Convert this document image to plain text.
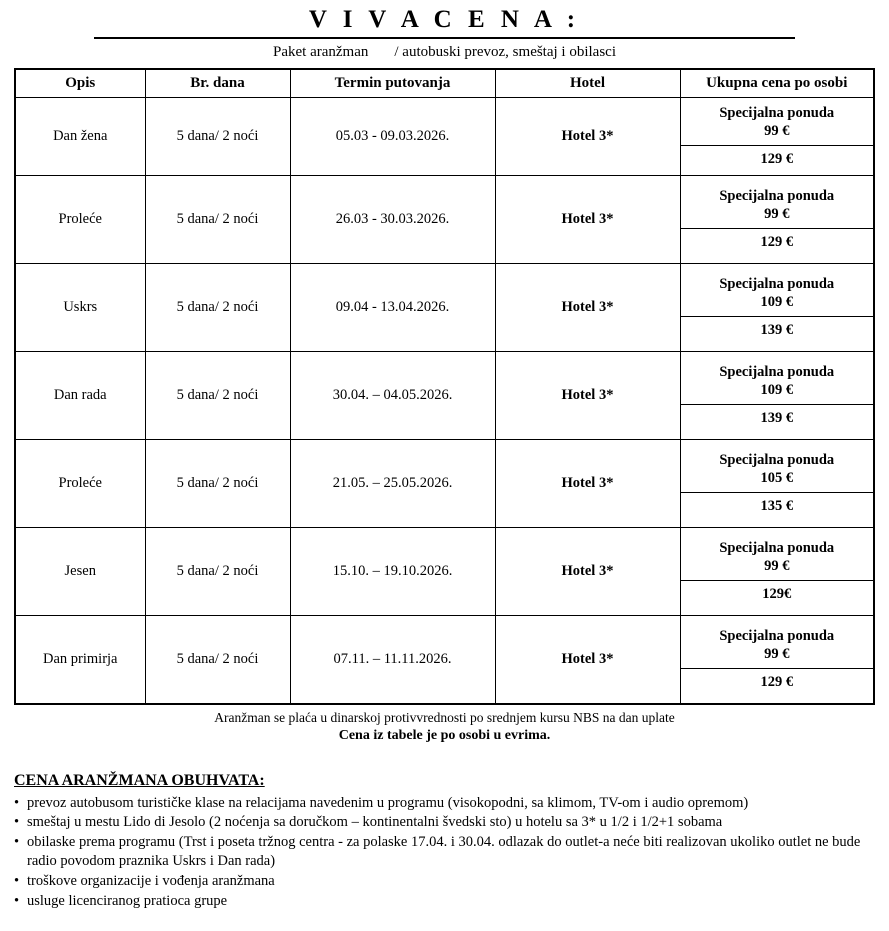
V I V A C E N A :
Paket aranžman / autobuski prevoz, smeštaj i obilasci
Opis	Br. dana	Termin putovanja	Hotel	Ukupna cena po osobi
Dan žena	5 dana/ 2 noći	05.03 - 09.03.2026.	Hotel 3*	Specijalna ponuda
99 €
129 €

Proleće	5 dana/ 2 noći	26.03 - 30.03.2026.	Hotel 3*	Specijalna ponuda
99 €
129 €

Uskrs	5 dana/ 2 noći	09.04 - 13.04.2026.	Hotel 3*	Specijalna ponuda
109 €
139 €

Dan rada	5 dana/ 2 noći	30.04. – 04.05.2026.	Hotel 3*	Specijalna ponuda
109 €
139 €

Proleće	5 dana/ 2 noći	21.05. – 25.05.2026.	Hotel 3*	Specijalna ponuda
105 €
135 €

Jesen	5 dana/ 2 noći	15.10. – 19.10.2026.	Hotel 3*	Specijalna ponuda
99 €
129€

Dan primirja	5 dana/ 2 noći	07.11. – 11.11.2026.	Hotel 3*	Specijalna ponuda
99 €
129 €
Aranžman se plaća u dinarskoj protivvrednosti po srednjem kursu NBS na dan uplate
Cena iz tabele je po osobi u evrima.
CENA ARANŽMANA OBUHVATA:
• prevoz autobusom turističke klase na relacijama navedenim u programu (visokopodni, sa klimom, TV-om i audio opremom)
• smeštaj u mestu Lido di Jesolo (2 noćenja sa doručkom – kontinentalni švedski sto) u hotelu sa 3* u 1/2 i 1/2+1 sobama
• obilaske prema programu (Trst i poseta tržnog centra - za polaske 17.04. i 30.04. odlazak do outlet-a neće biti realizovan ukoliko outlet ne bude radio povodom praznika Uskrs i Dan rada)
• troškove organizacije i vođenja aranžmana
• usluge licenciranog pratioca grupe
